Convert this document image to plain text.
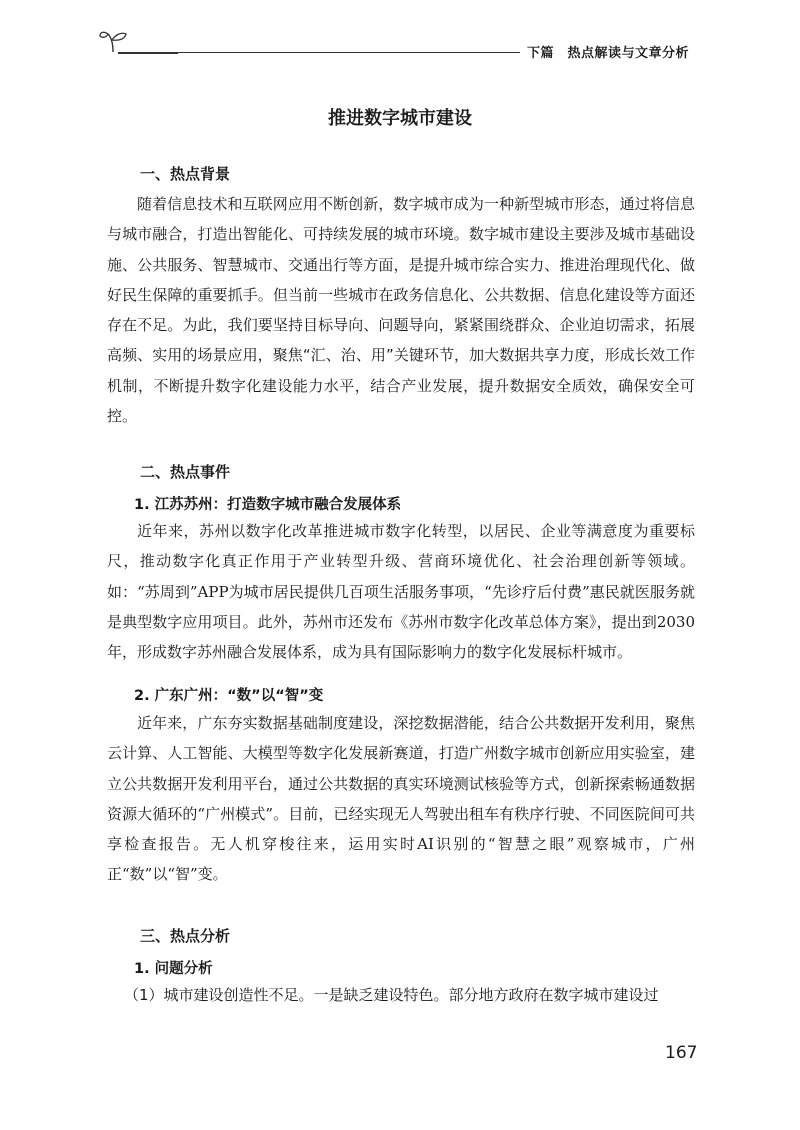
下篇　热点解读与文章分析
推进数字城市建设
一、热点背景
随着信息技术和互联网应用不断创新，数字城市成为一种新型城市形态，通过将信息与城市融合，打造出智能化、可持续发展的城市环境。数字城市建设主要涉及城市基础设施、公共服务、智慧城市、交通出行等方面，是提升城市综合实力、推进治理现代化、做好民生保障的重要抓手。但当前一些城市在政务信息化、公共数据、信息化建设等方面还存在不足。为此，我们要坚持目标导向、问题导向，紧紧围绕群众、企业迫切需求，拓展高频、实用的场景应用，聚焦“汇、治、用”关键环节，加大数据共享力度，形成长效工作机制，不断提升数字化建设能力水平，结合产业发展，提升数据安全质效，确保安全可控。
二、热点事件
1. 江苏苏州：打造数字城市融合发展体系
近年来，苏州以数字化改革推进城市数字化转型，以居民、企业等满意度为重要标尺，推动数字化真正作用于产业转型升级、营商环境优化、社会治理创新等领域。如：“苏周到”APP为城市居民提供几百项生活服务事项，“先诊疗后付费”惠民就医服务就是典型数字应用项目。此外，苏州市还发布《苏州市数字化改革总体方案》，提出到2030年，形成数字苏州融合发展体系，成为具有国际影响力的数字化发展标杆城市。
2. 广东广州：“数”以“智”变
近年来，广东夯实数据基础制度建设，深挖数据潜能，结合公共数据开发利用，聚焦云计算、人工智能、大模型等数字化发展新赛道，打造广州数字城市创新应用实验室，建立公共数据开发利用平台，通过公共数据的真实环境测试核验等方式，创新探索畅通数据资源大循环的“广州模式”。目前，已经实现无人驾驶出租车有秩序行驶、不同医院间可共享检查报告。无人机穿梭往来，运用实时AI识别的“智慧之眼”观察城市，广州正“数”以“智”变。
三、热点分析
1. 问题分析
（1）城市建设创造性不足。一是缺乏建设特色。部分地方政府在数字城市建设过
167
